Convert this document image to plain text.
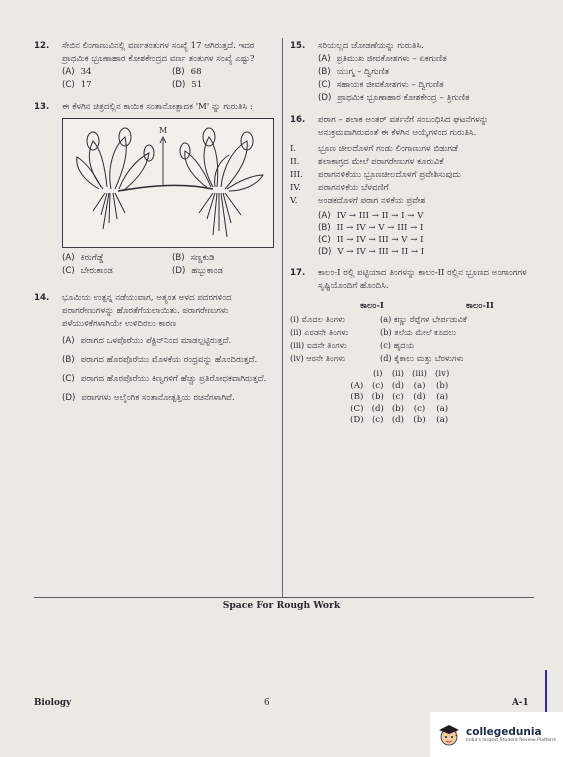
12. ಸೇಬಿನ ಲಿಂಗಾಣುವಿನಲ್ಲಿ ವರ್ಣತಂತುಗಳ ಸಂಖ್ಯೆ 17 ಆಗಿರುತ್ತದೆ. ಇದರ ಪ್ರಾಥಮಿಕ ಭ್ರೂಣಾಹಾರ ಕೋಶಕೇಂದ್ರದ ವರ್ಣ ತಂತುಗಳ ಸಂಖ್ಯೆ ಎಷ್ಟು?
(A) 34	(B) 68
(C) 17	(D) 51
13. ಈ ಕೆಳಗಿನ ಚಿತ್ರದಲ್ಲಿನ ಕಾಯಿಕ ಸಂತಾನೋತ್ಪಾದಕ 'M' ನ್ನು ಗುರುತಿಸಿ :
M
(A) ಕಿರುಗೆಡ್ಡೆ	(B) ಸಣ್ಣಕುಡಿ
(C) ಬೇರುಕಾಂಡ	(D) ಹಬ್ಬುಕಾಂಡ
14. ಭೂಮಿಯ ಉತ್ಪನ್ನ ನಡೆಯುವಾಗ, ಅತ್ಯಂತ ಅಳದ ಪದರಗಳಿಂದ ಪರಾಗರೇಣುಗಳನ್ನು ಹೊರತೆಗೆಯಲಾಯಿತು. ಪರಾಗರೇಣುಗಳು ಪಳೆಯುಳಿಕೆಗಳಾಗಿಯೇ ಉಳಿದಿರಲು ಕಾರಣ
(A) ಪರಾಗದ ಒಳಪೊರೆಯು ಪೆಕ್ಟಿನ್‌ನಿಂದ ಮಾಡಲ್ಪಟ್ಟಿರುತ್ತದೆ.
(B) ಪರಾಗದ ಹೊರಪೊರೆಯು ಮೊಳಕೆಯ ರಂಧ್ರವನ್ನು ಹೊಂದಿರುತ್ತದೆ.
(C) ಪರಾಗದ ಹೊರಪೊರೆಯು ಕಿಣ್ವಗಳಿಗೆ ಹೆಚ್ಚು ಪ್ರತಿರೋಧಕವಾಗಿರುತ್ತದೆ.
(D) ಪರಾಗಗಳು ಅಲೈಂಗಿಕ ಸಂತಾನೋತ್ಪತ್ತಿಯ ರಚನೆಗಳಾಗಿವೆ.
15. ಸರಿಯಲ್ಲದ ಜೋಡಣೆಯನ್ನು ಗುರುತಿಸಿ.
(A) ಪ್ರತಿಮುಖ ಜೀವಕೋಶಗಳು – ಏಕಗುಣಿತ
(B) ಯುಗ್ಮ – ದ್ವಿಗುಣಿತ
(C) ಸಹಾಯಕ ಜೀವಕೋಶಗಳು – ದ್ವಿಗುಣಿತ
(D) ಪ್ರಾಥಮಿಕ ಭ್ರೂಣಾಹಾರ ಕೋಶಕೇಂದ್ರ – ತ್ರಿಗುಣಿತ
16. ಪರಾಗ – ಶಲಾಕ ಅಂತರ್ ವರ್ತನೆಗೆ ಸಂಬಂಧಿಸಿದ ಘಟನೆಗಳನ್ನು ಅನುಕ್ರಮವಾಗಿರುವಂತೆ ಈ ಕೆಳಗಿನ ಆಯ್ಕೆಗಳಿಂದ ಗುರುತಿಸಿ.
I.	ಭ್ರೂಣ ಚೀಲದೊಳಗೆ ಗಂಡು ಲಿಂಗಾಣುಗಳ ಬಿಡುಗಡೆ
II.	ಶಲಾಕಾಗ್ರದ ಮೇಲೆ ಪರಾಗರೇಣುಗಳ ಕೂರುವಿಕೆ
III.	ಪರಾಗನಳಿಕೆಯು ಭ್ರೂಣಚೀಲದೊಳಗೆ ಪ್ರವೇಶಿಸುವುದು
IV.	ಪರಾಗನಳಿಕೆಯ ಬೆಳವಣಿಗೆ
V.	ಅಂಡಕದೊಳಗೆ ಪರಾಗ ನಳಿಕೆಯ ಪ್ರವೇಶ
(A) IV → III → II → I → V
(B) II → IV → V → III → I
(C) II → IV → III → V → I
(D) V → IV → III → II → I
17. ಕಾಲಂ-I ರಲ್ಲಿ ಪಟ್ಟಿಯಾದ ತಿಂಗಳನ್ನು ಕಾಲಂ-II ರಲ್ಲಿನ ಭ್ರೂಣದ ಅಂಗಾಂಗಗಳ ಸೃಷ್ಟಿಯೊಂದಿಗೆ ಹೊಂದಿಸಿ.
ಕಾಲಂ-I	ಕಾಲಂ-II
(i) ಮೊದಲ ತಿಂಗಳು	(a) ಕಣ್ಣು ರೆಪ್ಪೆಗಳ ಬೇರ್ಪಡುವಿಕೆ
(ii) ಎರಡನೇ ತಿಂಗಳು	(b) ತಲೆಯ ಮೇಲೆ ಕೂದಲು
(iii) ಐದನೇ ತಿಂಗಳು	(c) ಹೃದಯ
(iv) ಆರನೇ ತಿಂಗಳು	(d) ಕೈಕಾಲು ಮತ್ತು ಬೆರಳುಗಳು
	(i)	(ii)	(iii)	(iv)
(A)	(c)	(d)	(a)	(b)
(B)	(b)	(c)	(d)	(a)
(C)	(d)	(b)	(c)	(a)
(D)	(c)	(d)	(b)	(a)
Space For Rough Work
Biology	6	A-1
collegedunia
India's largest Student Review Platform
